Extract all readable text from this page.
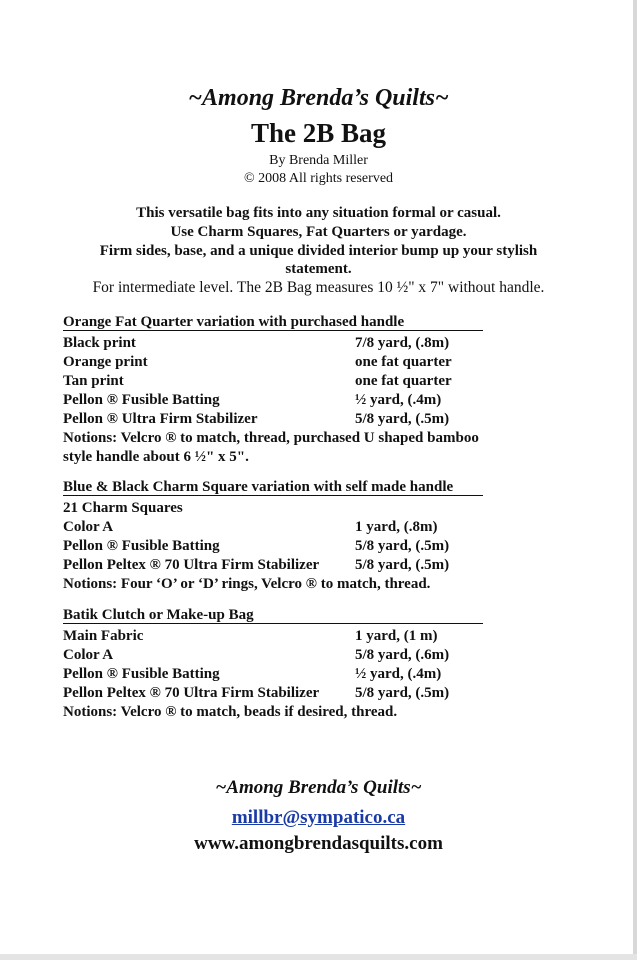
~Among Brenda’s Quilts~
The 2B Bag
By Brenda Miller
© 2008 All rights reserved
This versatile bag fits into any situation formal or casual.
Use Charm Squares, Fat Quarters or yardage.
Firm sides, base, and a unique divided interior bump up your stylish
statement.
For intermediate level. The 2B Bag measures 10 ½" x 7" without handle.
Orange Fat Quarter variation with purchased handle
Black print	7/8 yard, (.8m)
Orange print	one fat quarter
Tan print	one fat quarter
Pellon ® Fusible Batting	½ yard, (.4m)
Pellon ® Ultra Firm Stabilizer	5/8 yard, (.5m)
Notions: Velcro ® to match, thread, purchased U shaped bamboo
style handle about 6 ½" x 5".
Blue & Black Charm Square variation with self made handle
21 Charm Squares
Color A	1 yard, (.8m)
Pellon ® Fusible Batting	5/8 yard, (.5m)
Pellon Peltex ® 70 Ultra Firm Stabilizer	5/8 yard, (.5m)
Notions: Four ‘O’ or ‘D’ rings, Velcro ® to match, thread.
Batik Clutch or Make-up Bag
Main Fabric	1 yard, (1 m)
Color A	5/8 yard, (.6m)
Pellon ® Fusible Batting	½ yard, (.4m)
Pellon Peltex ® 70 Ultra Firm Stabilizer	5/8 yard, (.5m)
Notions: Velcro ® to match, beads if desired, thread.
~Among Brenda’s Quilts~
millbr@sympatico.ca
www.amongbrendasquilts.com
